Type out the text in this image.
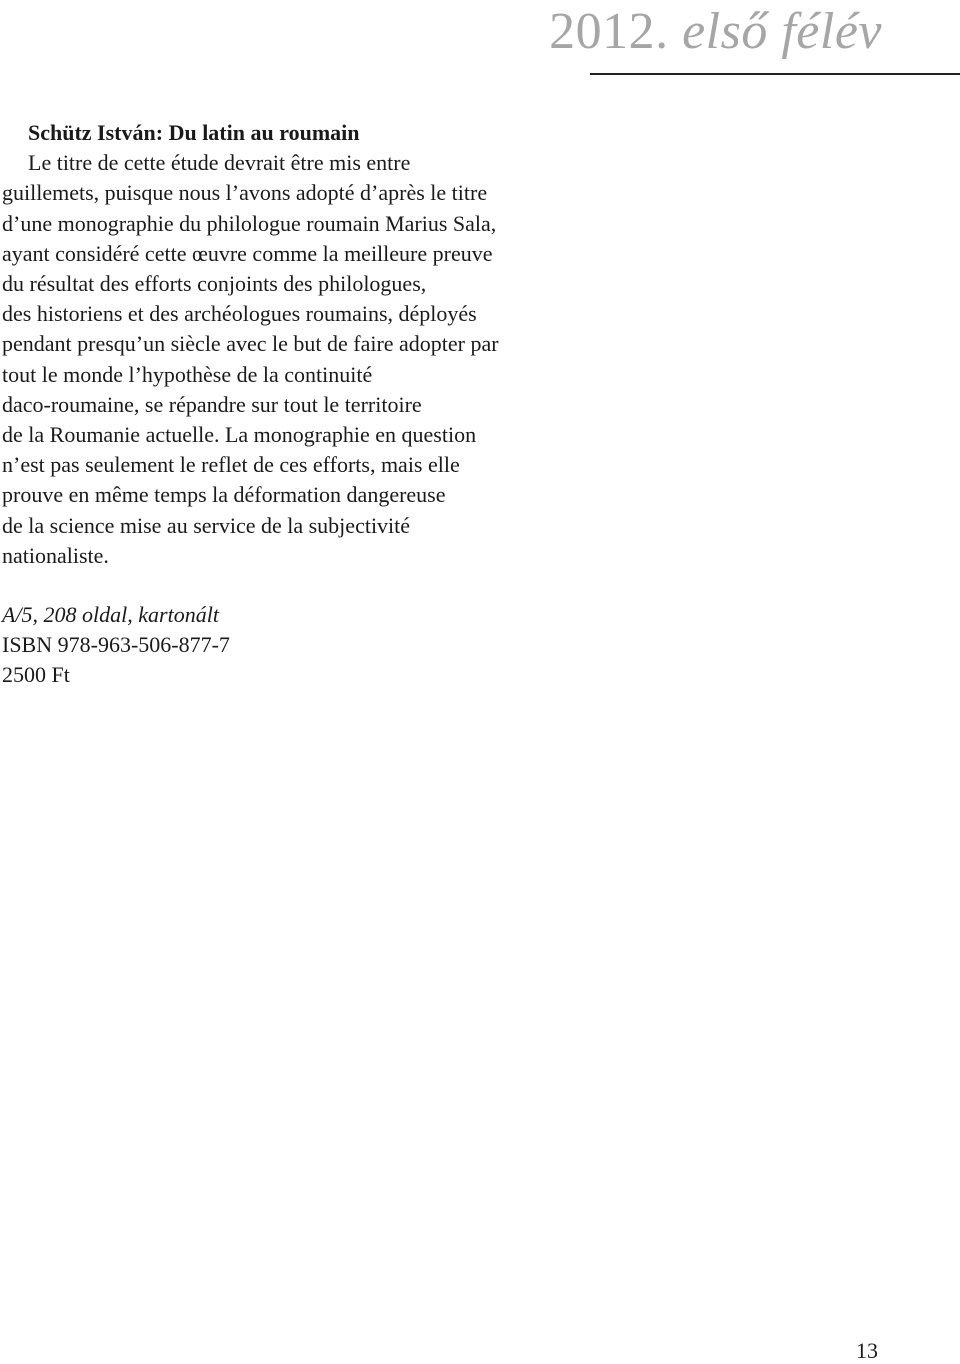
2012. első félév

Schütz István: Du latin au roumain

Le titre de cette étude devrait être mis entre

guillemets, puisque nous l’avons adopté d’après le titre

d’une monographie du philologue roumain Marius Sala,

ayant considéré cette œuvre comme la meilleure preuve

du résultat des efforts conjoints des philologues,

des historiens et des archéologues roumains, déployés

pendant presqu’un siècle avec le but de faire adopter par

tout le monde l’hypothèse de la continuité

daco-roumaine, se répandre sur tout le territoire

de la Roumanie actuelle. La monographie en question

n’est pas seulement le reflet de ces efforts, mais elle

prouve en même temps la déformation dangereuse

de la science mise au service de la subjectivité

nationaliste.

A/5, 208 oldal, kartonált

ISBN 978-963-506-877-7

2500 Ft

13
